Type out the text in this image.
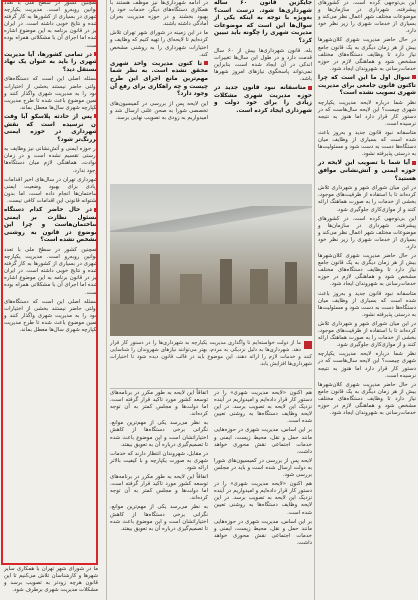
این بی‌توجهی کرده است. در کشورهای پیشرفته، شهرداری در سازمان‌ها و موضوعات مختلف شهر اعمال نظر می‌کند و بسیاری از خدمات شهری را زیر نظر خود دارد.

در حال حاضر مدیریت شهری کلان‌شهرها بیش از هر زمان دیگری به یک قانون جامع نیاز دارد تا وظایف دستگاه‌های مختلف مشخص شود و هماهنگی لازم در حوزه خدمات‌رسانی به شهروندان ایجاد شود.

سوال اول ما این است که چرا تاکنون قانون جامعی برای مدیریت شهری تصویب نشده است؟

نظر شما درباره لایحه مدیریت یکپارچه شهری چیست؟ این لایحه سال‌هاست که در دستور کار قرار دارد اما هنوز به نتیجه نرسیده است.

متاسفانه نبود قانون جدید و به‌روز باعث شده است که بسیاری از وظایف میان دستگاه‌ها دست به دست شود و مسئولیت‌ها به درستی پذیرفته نشود.

آیا شما با تصویب این لایحه در حوزه ایمنی و آتش‌نشانی موافق هستید؟

در این میان شورای شهر و شهرداری تلاش کرده‌اند تا با استفاده از ظرفیت‌های موجود، بخشی از خدمات را به صورت هماهنگ ارائه کنند و از موازی‌کاری جلوگیری شود.

این بی‌توجهی کرده است. در کشورهای پیشرفته، شهرداری در سازمان‌ها و موضوعات مختلف شهر اعمال نظر می‌کند و بسیاری از خدمات شهری را زیر نظر خود دارد.

در حال حاضر مدیریت شهری کلان‌شهرها بیش از هر زمان دیگری به یک قانون جامع نیاز دارد تا وظایف دستگاه‌های مختلف مشخص شود و هماهنگی لازم در حوزه خدمات‌رسانی به شهروندان ایجاد شود.

متاسفانه نبود قانون جدید و به‌روز باعث شده است که بسیاری از وظایف میان دستگاه‌ها دست به دست شود و مسئولیت‌ها به درستی پذیرفته نشود.

در این میان شورای شهر و شهرداری تلاش کرده‌اند تا با استفاده از ظرفیت‌های موجود، بخشی از خدمات را به صورت هماهنگ ارائه کنند و از موازی‌کاری جلوگیری شود.

نظر شما درباره لایحه مدیریت یکپارچه شهری چیست؟ این لایحه سال‌هاست که در دستور کار قرار دارد اما هنوز به نتیجه نرسیده است.

در حال حاضر مدیریت شهری کلان‌شهرها بیش از هر زمان دیگری به یک قانون جامع نیاز دارد تا وظایف دستگاه‌های مختلف مشخص شود و هماهنگی لازم در حوزه خدمات‌رسانی به شهروندان ایجاد شود.

جایگزین قانون ۶۰ ساله شهرداری‌ها شود. درست است؟ به‌ویژه با توجه به اینکه یکی از سوال‌ها این است که موضوعات مدیریت شهری را چگونه باید تبیین کرد؟

بله، قانون شهرداری‌ها بیش از ۶۰ سال قدمت دارد و در طول این سال‌ها تغییرات اندکی در آن ایجاد شده است، بنابراین نمی‌تواند پاسخگوی نیازهای امروز شهرها باشد.

متاسفانه نبود قانون جدید در حوزه مدیریت شهری مشکلات زیادی را برای خود دولت و شهرداری ایجاد کرده است.

در ادامه شهرداری‌ها نیز موظف هستند با همکاری دستگاه‌های دیگر، خدمات خود را بهبود بخشند و در حوزه مدیریت بحران آمادگی داشته باشند.

ما در این زمینه در شورای شهر تهران تلاش کرده‌ایم تا لایحه‌ای را تهیه کنیم که وظایف و اختیارات شهرداری را به روشنی مشخص کند.

تا کنون مدیریت واحد شهری محقق نشده است. به نظر شما مهم‌ترین مانع اجرای این طرح چیست و چه راهکاری برای رفع آن وجود دارد؟

این لایحه پس از بررسی در کمیسیون‌های تخصصی شورا به صحن علنی ارسال شد و امیدواریم به زودی به تصویب نهایی برسد.

همچنین کشور در سطح ملی با تعدد قوانین روبه‌رو است. مدیریت یکپارچه شهری در بسیاری از کشورها به کار گرفته شده و نتایج خوبی داشته است. در ایران نیز در قانون برنامه به این موضوع اشاره شده اما اجرای آن با مشکلاتی همراه بوده است.

در تمامی کشورها، آیا مدیریت شهری را باید به عنوان یک نهاد مستقل دید؟

مسئله اصلی این است که دستگاه‌های دولتی حاضر نیستند بخشی از اختیارات خود را به مدیریت شهری واگذار کنند و همین موضوع باعث شده تا طرح مدیریت یکپارچه شهری سال‌ها معطل بماند.

پس از حادثه پلاسکو آیا وقت آن نرسیده است که نقش شهرداری در حوزه ایمنی پررنگ‌تر شود؟

در حوزه ایمنی و آتش‌نشانی نیز وظایف به درستی تقسیم نشده است و در زمان حوادث، هماهنگی لازم میان دستگاه‌ها وجود ندارد.

شهرداری تهران در سال‌های اخیر اقدامات زیادی برای بهبود وضعیت ایمنی ساختمان‌ها انجام داده است، اما بدون پشتوانه قانونی این اقدامات کافی نیست.

در حال حاضر کدام دستگاه مسئول نظارت بر ایمنی ساختمان‌هاست و چرا این موضوع در قانون به روشنی مشخص نشده است؟

همچنین کشور در سطح ملی با تعدد قوانین روبه‌رو است. مدیریت یکپارچه شهری در بسیاری از کشورها به کار گرفته شده و نتایج خوبی داشته است. در ایران نیز در قانون برنامه به این موضوع اشاره شده اما اجرای آن با مشکلاتی همراه بوده است.

مسئله اصلی این است که دستگاه‌های دولتی حاضر نیستند بخشی از اختیارات خود را به مدیریت شهری واگذار کنند و همین موضوع باعث شده تا طرح مدیریت یکپارچه شهری سال‌ها معطل بماند.

ما از دولت خواسته‌ایم تا واگذاری مدیریت یکپارچه به شهرداری‌ها را در دستور کار قرار دهد. شهرداری‌ها به دلیل نزدیکی به مردم، بهتر می‌توانند نیازهای شهروندان را شناسایی کنند و خدمات لازم را ارائه دهند. این موضوع باید در قالب قانون دیده شود تا اختیارات شهرداری‌ها افزایش یابد.

هم اکنون «لایحه مدیریت شهری» را در دستور کار قرار داده‌ایم و امیدواریم در آینده نزدیک این لایحه به تصویب برسد. در این لایحه وظایف دستگاه‌ها به روشنی تعیین شده است.

بر این اساس، مدیریت شهری در حوزه‌هایی مانند حمل و نقل، محیط زیست، ایمنی و خدمات اجتماعی نقش محوری خواهد داشت.

لایحه پس از بررسی در کمیسیون‌های شورا به دولت ارسال شده است و باید در مجلس بررسی شود.

هم اکنون «لایحه مدیریت شهری» را در دستور کار قرار داده‌ایم و امیدواریم در آینده نزدیک این لایحه به تصویب برسد. در این لایحه وظایف دستگاه‌ها به روشنی تعیین شده است.

بر این اساس، مدیریت شهری در حوزه‌هایی مانند حمل و نقل، محیط زیست، ایمنی و خدمات اجتماعی نقش محوری خواهد داشت.

اتفاقاً این لایحه به طور مکرر در برنامه‌های توسعه کشور مورد تاکید قرار گرفته است، اما دولت‌ها و مجلس کمتر به آن توجه کرده‌اند.

به نظر می‌رسد یکی از مهم‌ترین موانع، نگرانی برخی دستگاه‌ها از کاهش اختیاراتشان است و این موضوع باعث شده تا تصمیم‌گیری درباره آن به تعویق بیفتد.

در مقابل، شهروندان انتظار دارند که خدمات شهری به صورت یکپارچه و با کیفیت بالاتر ارائه شود.

اتفاقاً این لایحه به طور مکرر در برنامه‌های توسعه کشور مورد تاکید قرار گرفته است، اما دولت‌ها و مجلس کمتر به آن توجه کرده‌اند.

به نظر می‌رسد یکی از مهم‌ترین موانع، نگرانی برخی دستگاه‌ها از کاهش اختیاراتشان است و این موضوع باعث شده تا تصمیم‌گیری درباره آن به تعویق بیفتد.

ما در شورای شهر تهران با همکاری سایر شهرها و کارشناسان تلاش می‌کنیم تا این قانون هرچه زودتر به تصویب برسد و مشکلات مدیریت شهری برطرف شود.
